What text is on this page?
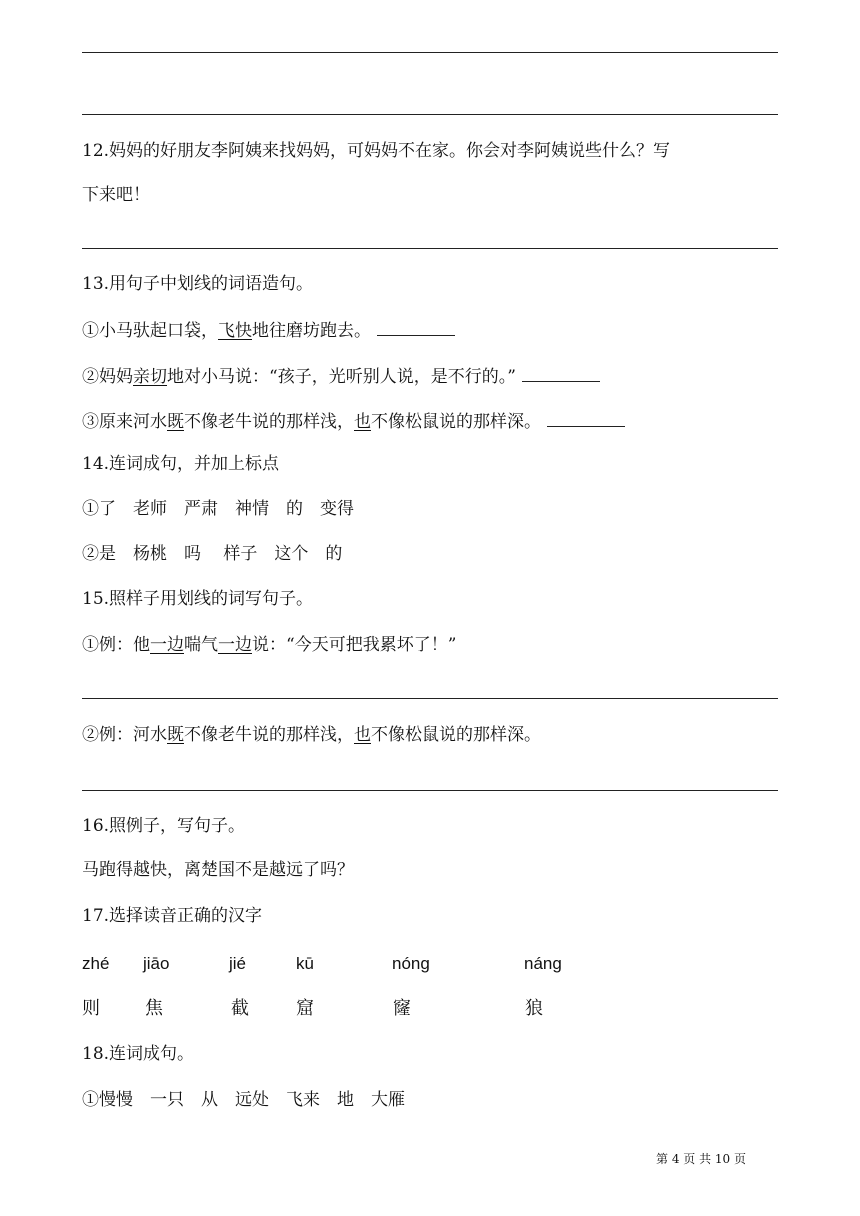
12.妈妈的好朋友李阿姨来找妈妈，可妈妈不在家。你会对李阿姨说些什么？写
下来吧！
13.用句子中划线的词语造句。
①小马驮起口袋，飞快地往磨坊跑去。
②妈妈亲切地对小马说：“孩子，光听别人说，是不行的。”
③原来河水既不像老牛说的那样浅，也不像松鼠说的那样深。
14.连词成句，并加上标点
①了　老师　严肃　神情　的　变得
②是　杨桃　吗　 样子　这个　的
15.照样子用划线的词写句子。
①例：他一边喘气一边说：“今天可把我累坏了！”
②例：河水既不像老牛说的那样浅，也不像松鼠说的那样深。
16.照例子，写句子。
马跑得越快，离楚国不是越远了吗？
17.选择读音正确的汉字
zhé jiāo	jié	kū	nóng	náng
则	焦	截	窟	窿	狼
18.连词成句。
①慢慢　一只　从　远处　飞来　地　大雁
第 4 页 共 10 页
